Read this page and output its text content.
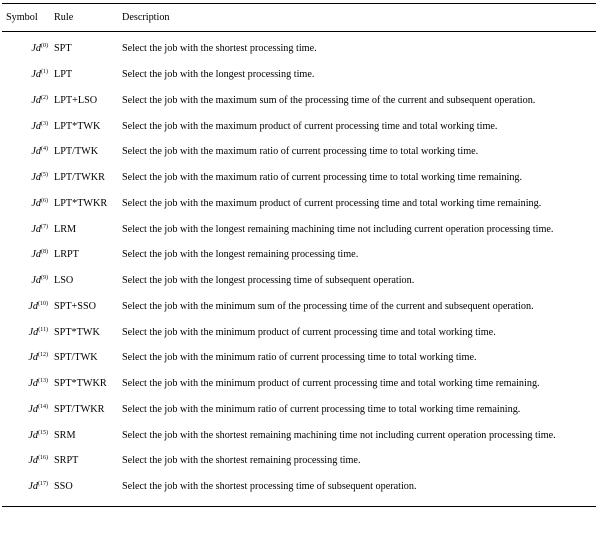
Symbol	Rule	Description
Jd$^{(0)}$ SPT	Select the job with the shortest processing time.
Jd$^{(1)}$ LPT	Select the job with the longest processing time.
Jd$^{(2)}$ LPT+LSO	Select the job with the maximum sum of the processing time of the current and subsequent operation.
Jd$^{(3)}$ LPT*TWK	Select the job with the maximum product of current processing time and total working time.
Jd$^{(4)}$ LPT/TWK	Select the job with the maximum ratio of current processing time to total working time.
Jd$^{(5)}$ LPT/TWKR	Select the job with the maximum ratio of current processing time to total working time remaining.
Jd$^{(6)}$ LPT*TWKR	Select the job with the maximum product of current processing time and total working time remaining.
Jd$^{(7)}$ LRM	Select the job with the longest remaining machining time not including current operation processing time.
Jd$^{(8)}$ LRPT	Select the job with the longest remaining processing time.
Jd$^{(9)}$ LSO	Select the job with the longest processing time of subsequent operation.
Jd$^{(10)}$ SPT+SSO	Select the job with the minimum sum of the processing time of the current and subsequent operation.
Jd$^{(11)}$ SPT*TWK	Select the job with the minimum product of current processing time and total working time.
Jd$^{(12)}$ SPT/TWK	Select the job with the minimum ratio of current processing time to total working time.
Jd$^{(13)}$ SPT*TWKR	Select the job with the minimum product of current processing time and total working time remaining.
Jd$^{(14)}$ SPT/TWKR	Select the job with the minimum ratio of current processing time to total working time remaining.
Jd$^{(15)}$ SRM	Select the job with the shortest remaining machining time not including current operation processing time.
Jd$^{(16)}$ SRPT	Select the job with the shortest remaining processing time.
Jd$^{(17)}$ SSO	Select the job with the shortest processing time of subsequent operation.
